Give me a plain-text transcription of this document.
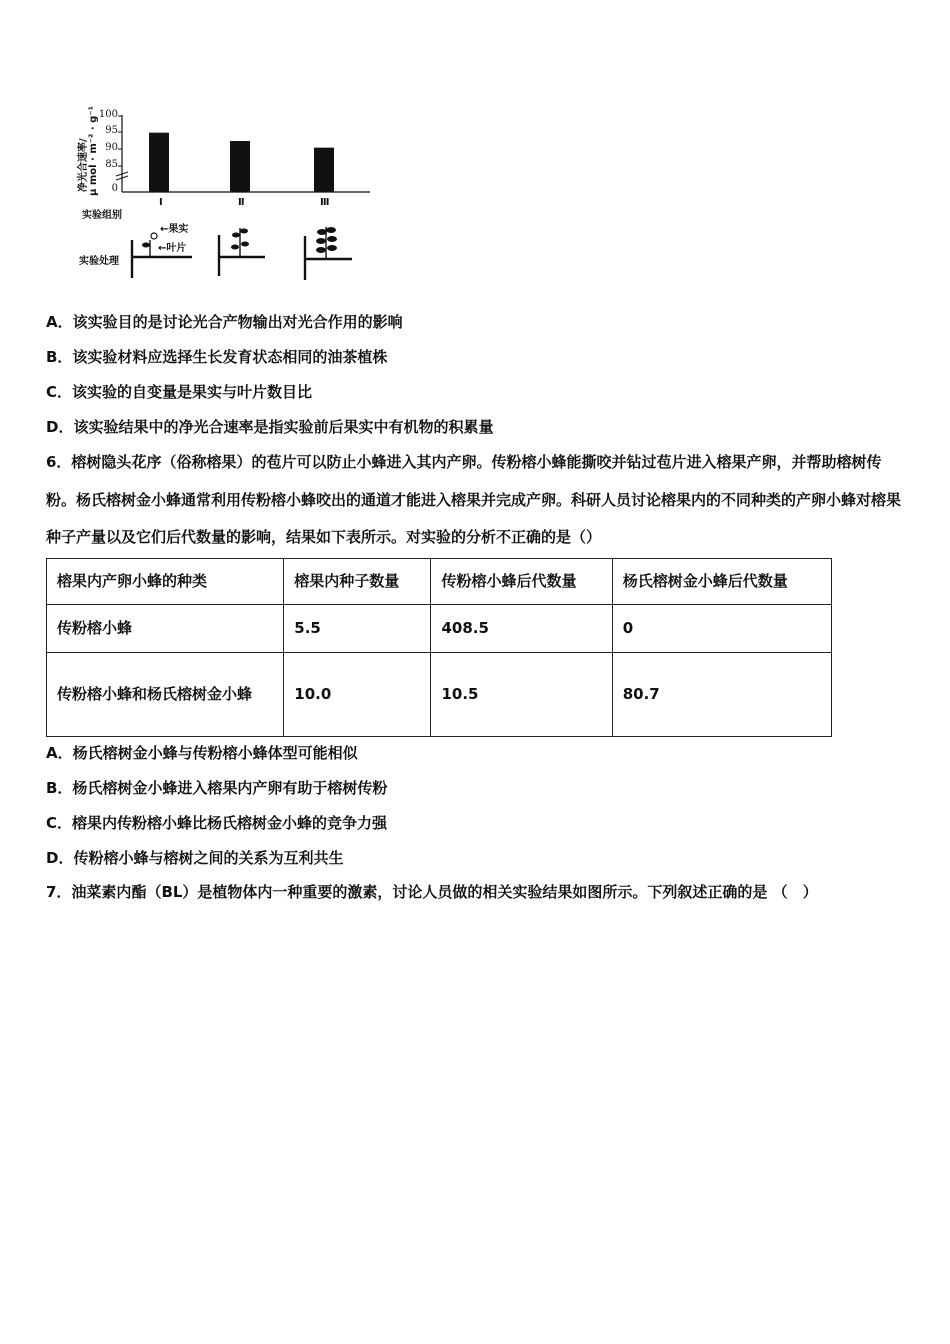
净光合速率/ μ mol · m⁻² · g⁻¹ 100
95
90
85
0
Ⅰ	Ⅱ	Ⅲ
实验组别
←果实
←叶片
实验处理
A．该实验目的是讨论光合产物输出对光合作用的影响
B．该实验材料应选择生长发育状态相同的油茶植株
C．该实验的自变量是果实与叶片数目比
D．该实验结果中的净光合速率是指实验前后果实中有机物的积累量
6．榕树隐头花序（俗称榕果）的苞片可以防止小蜂进入其内产卵。传粉榕小蜂能撕咬并钻过苞片进入榕果产卵，并帮助榕树传粉。杨氏榕树金小蜂通常利用传粉榕小蜂咬出的通道才能进入榕果并完成产卵。科研人员讨论榕果内的不同种类的产卵小蜂对榕果种子产量以及它们后代数量的影响，结果如下表所示。对实验的分析不正确的是（）
榕果内产卵小蜂的种类	榕果内种子数量	传粉榕小蜂后代数量	杨氏榕树金小蜂后代数量
传粉榕小蜂	5.5	408.5	0
传粉榕小蜂和杨氏榕树金小蜂	10.0	10.5	80.7
A．杨氏榕树金小蜂与传粉榕小蜂体型可能相似
B．杨氏榕树金小蜂进入榕果内产卵有助于榕树传粉
C．榕果内传粉榕小蜂比杨氏榕树金小蜂的竞争力强
D．传粉榕小蜂与榕树之间的关系为互利共生
7．油菜素内酯（BL）是植物体内一种重要的激素，讨论人员做的相关实验结果如图所示。下列叙述正确的是 （　）
